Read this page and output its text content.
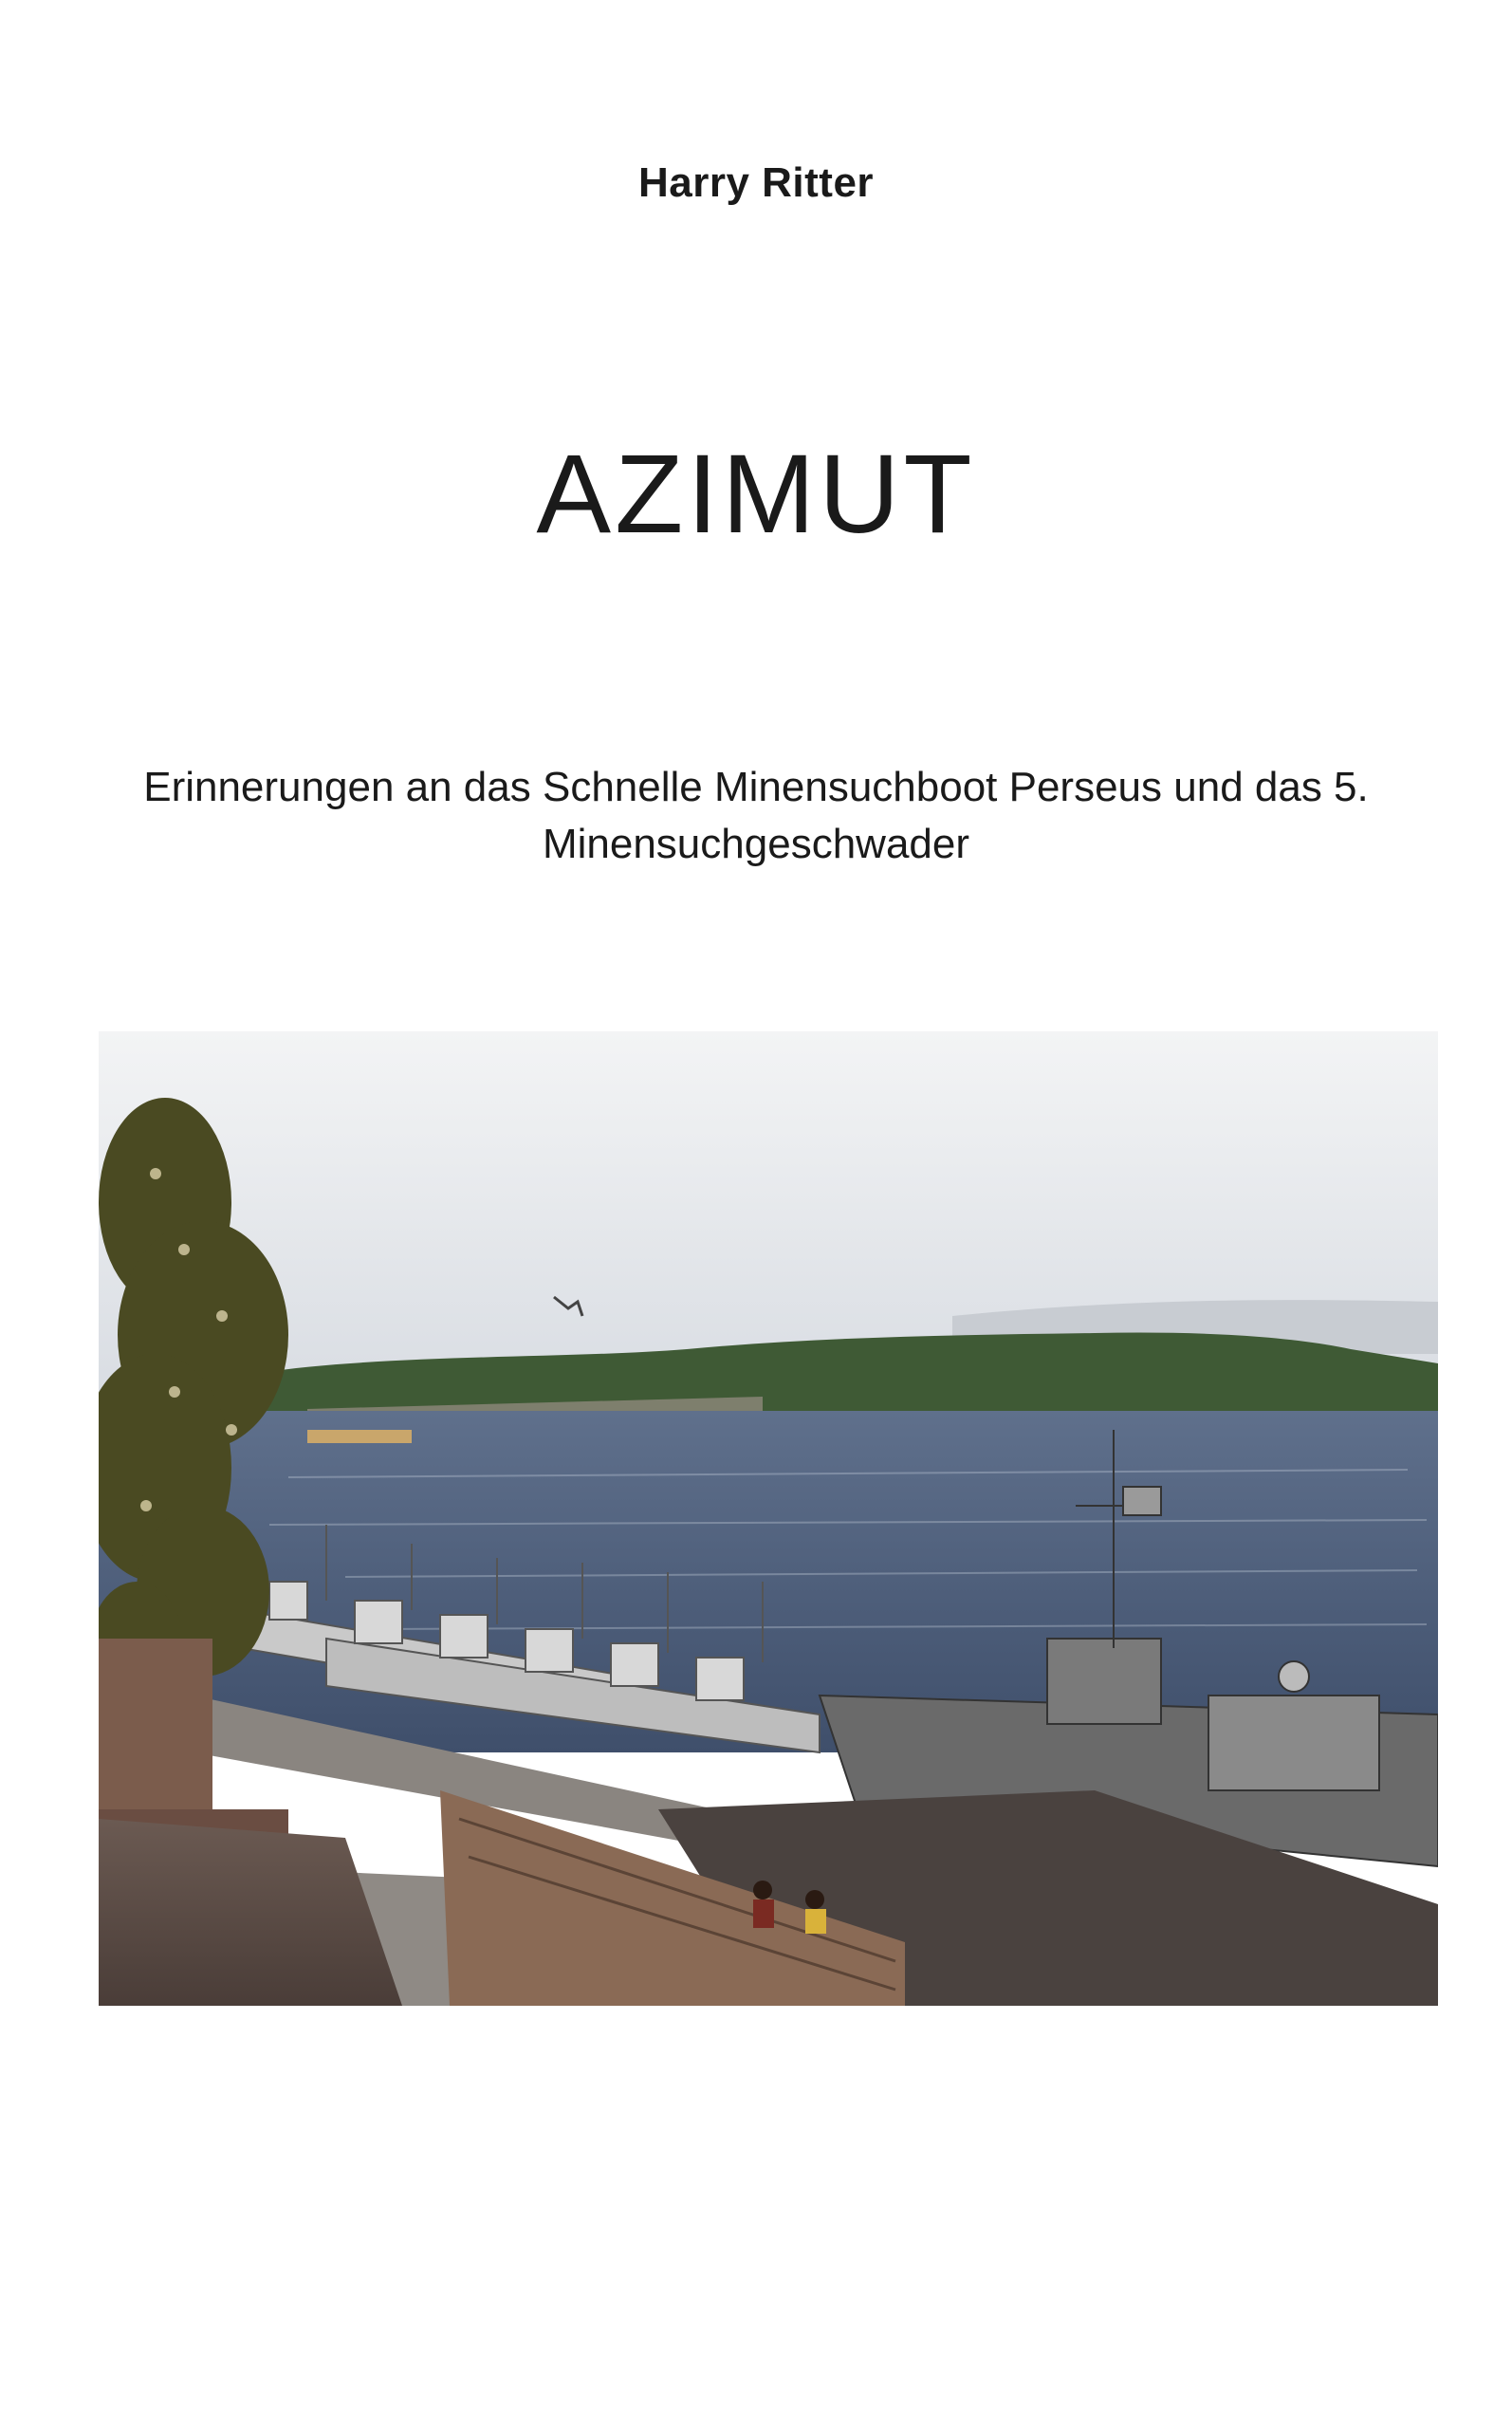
Harry Ritter
AZIMUT
Erinnerungen an das Schnelle Minensuchboot Perseus und das 5.
Minensuchgeschwader
